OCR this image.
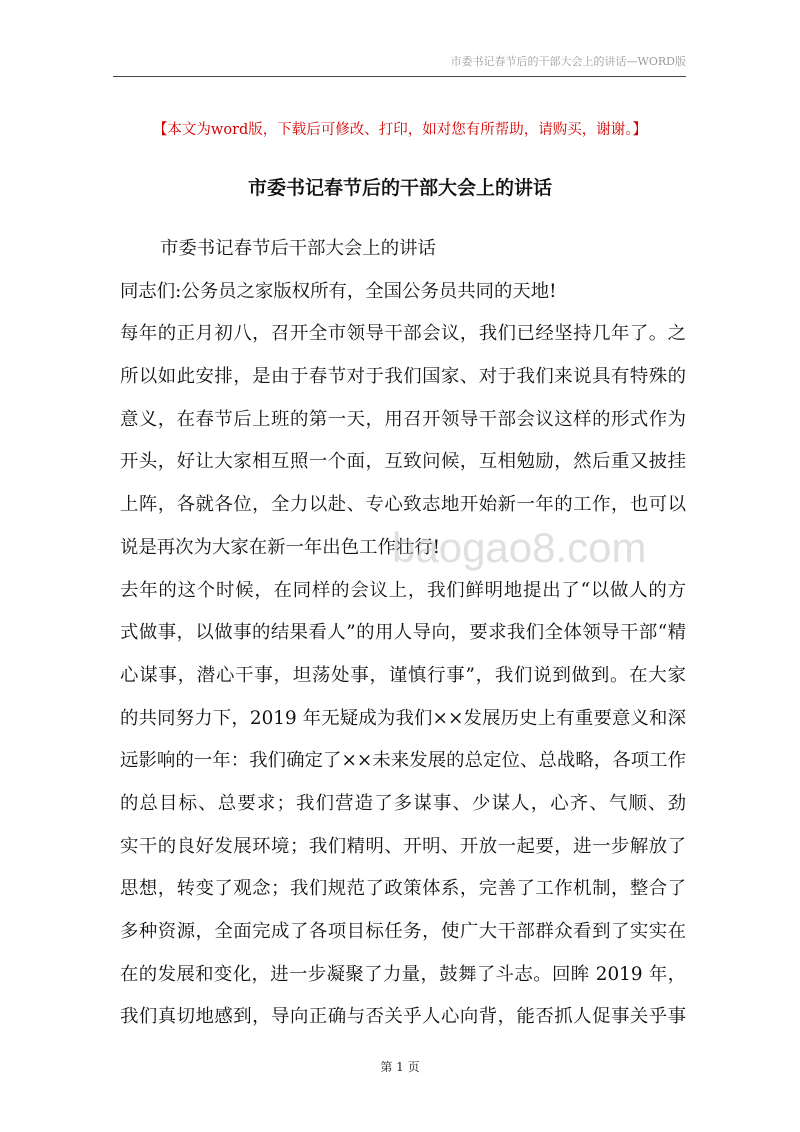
市委书记春节后的干部大会上的讲话—WORD版
【本文为word版，下载后可修改、打印，如对您有所帮助，请购买，谢谢。】
市委书记春节后的干部大会上的讲话
市委书记春节后干部大会上的讲话
同志们:公务员之家版权所有，全国公务员共同的天地!
每年的正月初八，召开全市领导干部会议，我们已经坚持几年了。之
所以如此安排，是由于春节对于我们国家、对于我们来说具有特殊的
意义，在春节后上班的第一天，用召开领导干部会议这样的形式作为
开头，好让大家相互照一个面，互致问候，互相勉励，然后重又披挂
上阵，各就各位，全力以赴、专心致志地开始新一年的工作，也可以
说是再次为大家在新一年出色工作壮行!
去年的这个时候，在同样的会议上，我们鲜明地提出了“以做人的方
式做事，以做事的结果看人”的用人导向，要求我们全体领导干部“精
心谋事，潜心干事，坦荡处事，谨慎行事”，我们说到做到。在大家
的共同努力下，2019 年无疑成为我们××发展历史上有重要意义和深
远影响的一年：我们确定了××未来发展的总定位、总战略，各项工作
的总目标、总要求；我们营造了多谋事、少谋人，心齐、气顺、劲
实干的良好发展环境；我们精明、开明、开放一起要，进一步解放了
思想，转变了观念；我们规范了政策体系，完善了工作机制，整合了
多种资源，全面完成了各项目标任务，使广大干部群众看到了实实在
在的发展和变化，进一步凝聚了力量，鼓舞了斗志。回眸 2019 年，
我们真切地感到，导向正确与否关乎人心向背，能否抓人促事关乎事
baogao8.com
第 1 页
